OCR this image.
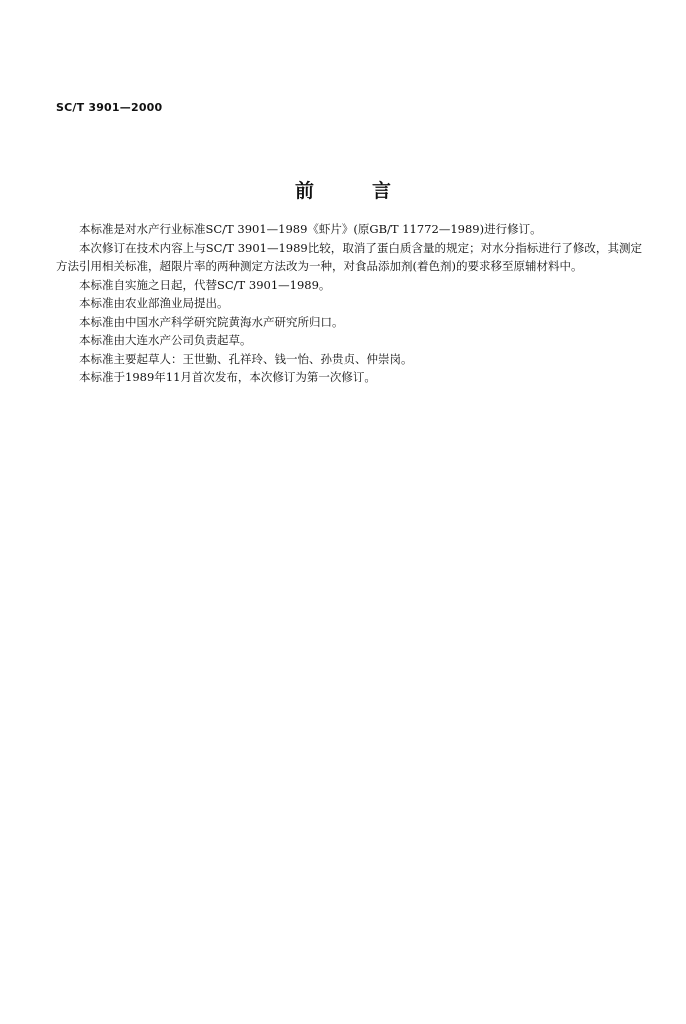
SC/T 3901—2000
前言

本标准是对水产行业标准SC/T 3901—1989《虾片》(原GB/T 11772—1989)进行修订。

本次修订在技术内容上与SC/T 3901—1989比较，取消了蛋白质含量的规定；对水分指标进行了修改，其测定方法引用相关标准，超限片率的两种测定方法改为一种，对食品添加剂(着色剂)的要求移至原辅材料中。

本标准自实施之日起，代替SC/T 3901—1989。

本标准由农业部渔业局提出。

本标准由中国水产科学研究院黄海水产研究所归口。

本标准由大连水产公司负责起草。

本标准主要起草人：王世勤、孔祥玲、钱一怡、孙贵贞、仲崇岗。

本标准于1989年11月首次发布，本次修订为第一次修订。
